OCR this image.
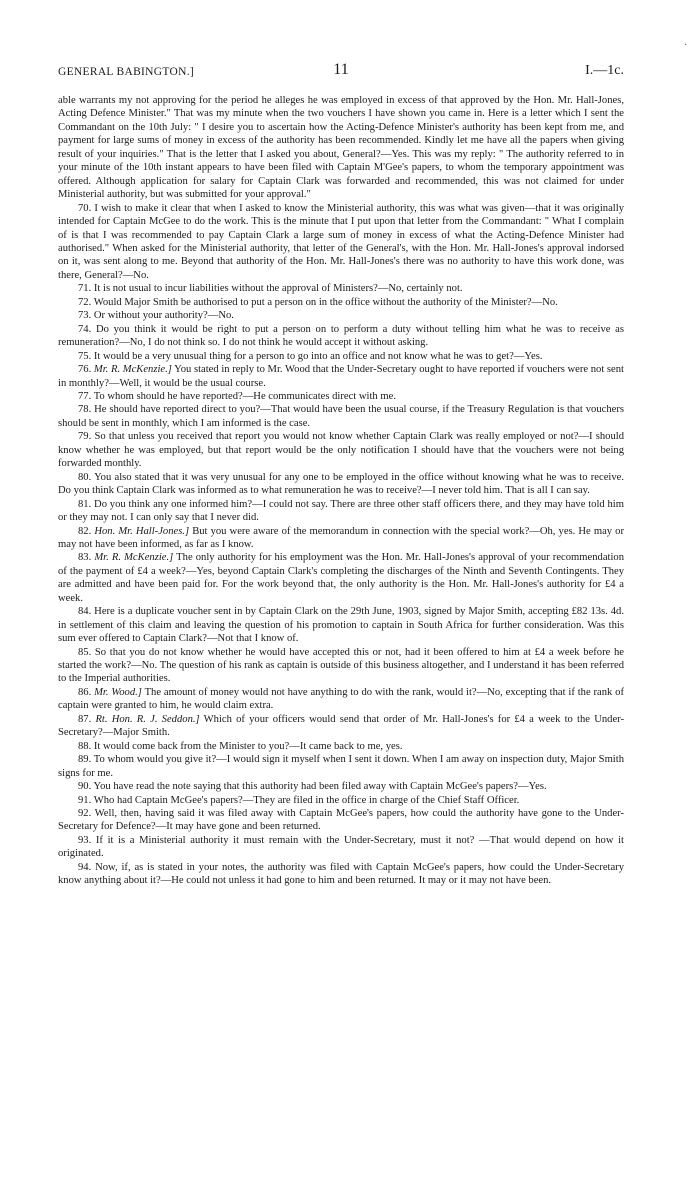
·
GENERAL BABINGTON.]	11	I.—1c.

able warrants my not approving for the period he alleges he was employed in excess of that approved by the Hon. Mr. Hall-Jones, Acting Defence Minister." That was my minute when the two vouchers I have shown you came in. Here is a letter which I sent the Commandant on the 10th July: " I desire you to ascertain how the Acting-Defence Minister's authority has been kept from me, and payment for large sums of money in excess of the authority has been recommended. Kindly let me have all the papers when giving result of your inquiries." That is the letter that I asked you about, General?—Yes. This was my reply: " The authority referred to in your minute of the 10th instant appears to have been filed with Captain M'Gee's papers, to whom the temporary appointment was offered. Although application for salary for Captain Clark was forwarded and recommended, this was not claimed for under Ministerial authority, but was submitted for your approval."

70. I wish to make it clear that when I asked to know the Ministerial authority, this was what was given—that it was originally intended for Captain McGee to do the work. This is the minute that I put upon that letter from the Commandant: " What I complain of is that I was recommended to pay Captain Clark a large sum of money in excess of what the Acting-Defence Minister had authorised." When asked for the Ministerial authority, that letter of the General's, with the Hon. Mr. Hall-Jones's approval indorsed on it, was sent along to me. Beyond that authority of the Hon. Mr. Hall-Jones's there was no authority to have this work done, was there, General?—No.

71. It is not usual to incur liabilities without the approval of Ministers?—No, certainly not.

72. Would Major Smith be authorised to put a person on in the office without the authority of the Minister?—No.

73. Or without your authority?—No.

74. Do you think it would be right to put a person on to perform a duty without telling him what he was to receive as remuneration?—No, I do not think so. I do not think he would accept it without asking.

75. It would be a very unusual thing for a person to go into an office and not know what he was to get?—Yes.

76. Mr. R. McKenzie.] You stated in reply to Mr. Wood that the Under-Secretary ought to have reported if vouchers were not sent in monthly?—Well, it would be the usual course.

77. To whom should he have reported?—He communicates direct with me.

78. He should have reported direct to you?—That would have been the usual course, if the Treasury Regulation is that vouchers should be sent in monthly, which I am informed is the case.

79. So that unless you received that report you would not know whether Captain Clark was really employed or not?—I should know whether he was employed, but that report would be the only notification I should have that the vouchers were not being forwarded monthly.

80. You also stated that it was very unusual for any one to be employed in the office without knowing what he was to receive. Do you think Captain Clark was informed as to what remuneration he was to receive?—I never told him. That is all I can say.

81. Do you think any one informed him?—I could not say. There are three other staff officers there, and they may have told him or they may not. I can only say that I never did.

82. Hon. Mr. Hall-Jones.] But you were aware of the memorandum in connection with the special work?—Oh, yes. He may or may not have been informed, as far as I know.

83. Mr. R. McKenzie.] The only authority for his employment was the Hon. Mr. Hall-Jones's approval of your recommendation of the payment of £4 a week?—Yes, beyond Captain Clark's completing the discharges of the Ninth and Seventh Contingents. They are admitted and have been paid for. For the work beyond that, the only authority is the Hon. Mr. Hall-Jones's authority for £4 a week.

84. Here is a duplicate voucher sent in by Captain Clark on the 29th June, 1903, signed by Major Smith, accepting £82 13s. 4d. in settlement of this claim and leaving the question of his promotion to captain in South Africa for further consideration. Was this sum ever offered to Captain Clark?—Not that I know of.

85. So that you do not know whether he would have accepted this or not, had it been offered to him at £4 a week before he started the work?—No. The question of his rank as captain is outside of this business altogether, and I understand it has been referred to the Imperial authorities.

86. Mr. Wood.] The amount of money would not have anything to do with the rank, would it?—No, excepting that if the rank of captain were granted to him, he would claim extra.

87. Rt. Hon. R. J. Seddon.] Which of your officers would send that order of Mr. Hall-Jones's for £4 a week to the Under-Secretary?—Major Smith.

88. It would come back from the Minister to you?—It came back to me, yes.

89. To whom would you give it?—I would sign it myself when I sent it down. When I am away on inspection duty, Major Smith signs for me.

90. You have read the note saying that this authority had been filed away with Captain McGee's papers?—Yes.

91. Who had Captain McGee's papers?—They are filed in the office in charge of the Chief Staff Officer.

92. Well, then, having said it was filed away with Captain McGee's papers, how could the authority have gone to the Under-Secretary for Defence?—It may have gone and been returned.

93. If it is a Ministerial authority it must remain with the Under-Secretary, must it not? —That would depend on how it originated.

94. Now, if, as is stated in your notes, the authority was filed with Captain McGee's papers, how could the Under-Secretary know anything about it?—He could not unless it had gone to him and been returned. It may or it may not have been.
